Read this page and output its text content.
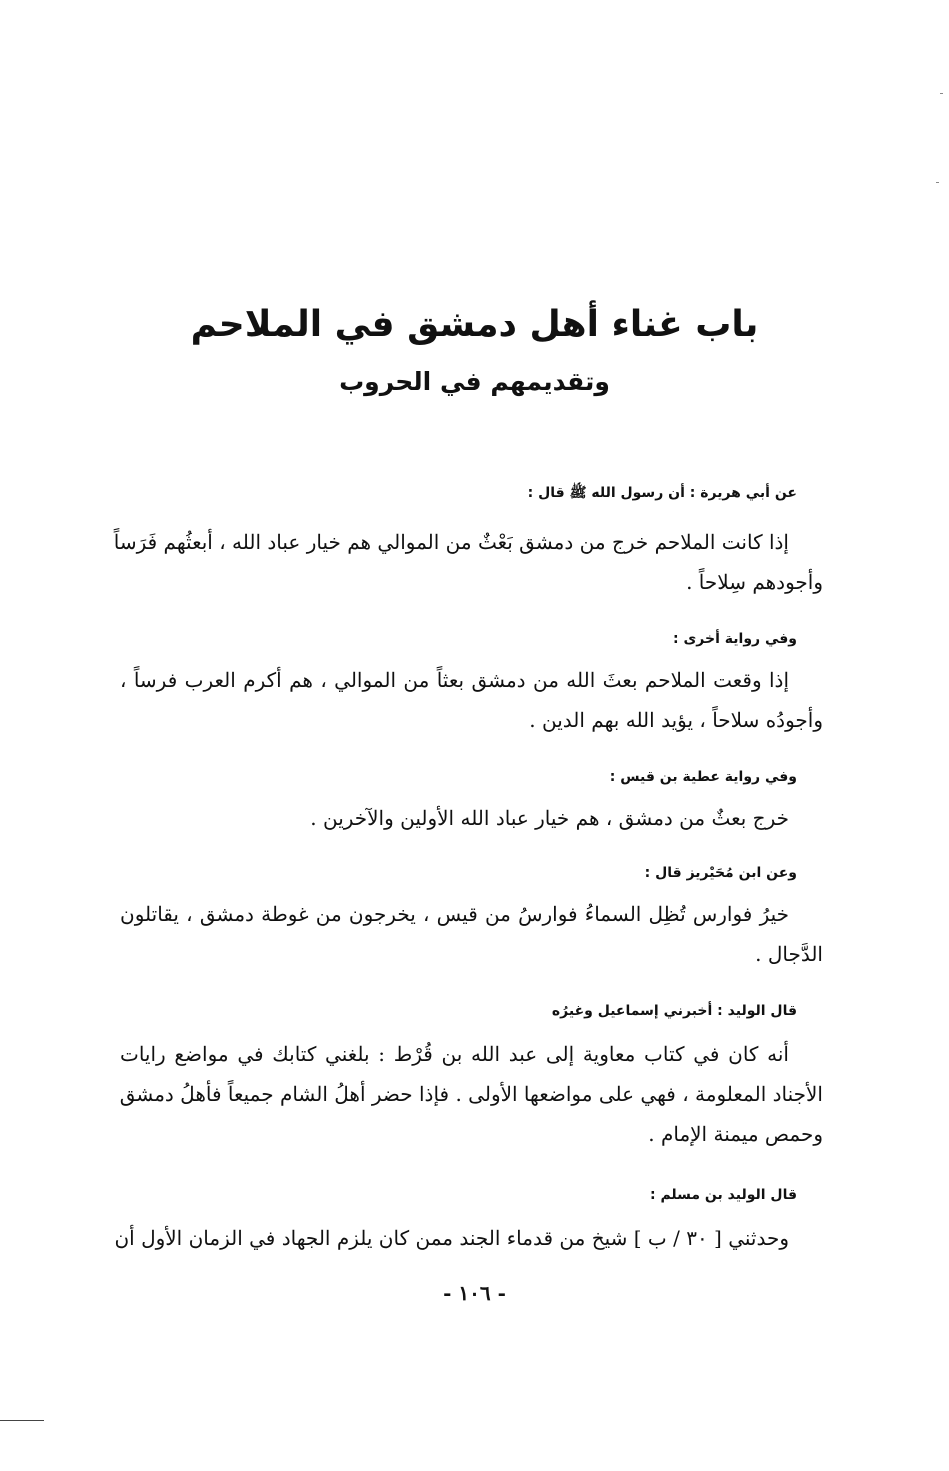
باب غناء أهل دمشق في الملاحم
وتقديمهم في الحروب
عن أبي هريرة : أن رسول الله ﷺ قال :
إذا كانت الملاحم خرج من دمشق بَعْثٌ من الموالي هم خيار عباد الله ، أبعثُهم فَرَساً
وأجودهم سِلاحاً .
وفي رواية أخرى :
إذا وقعت الملاحم بعثَ الله من دمشق بعثاً من الموالي ، هم أكرم العرب فرساً ،
وأجودُه سلاحاً ، يؤيد الله بهم الدين .
وفي رواية عطية بن قيس :
خرج بعثٌ من دمشق ، هم خيار عباد الله الأولين والآخرين .
وعن ابن مُحَيْريز قال :
خيرُ فوارس تُظِل السماءُ فوارسُ من قيس ، يخرجون من غوطة دمشق ، يقاتلون
الدَّجال .
قال الوليد : أخبرني إسماعيل وغيرُه
أنه كان في كتاب معاوية إلى عبد الله بن قُرْط : بلغني كتابك في مواضع رايات
الأجناد المعلومة ، فهي على مواضعها الأولى . فإذا حضر أهلُ الشام جميعاً فأهلُ دمشق
وحمص ميمنة الإمام .
قال الوليد بن مسلم :
وحدثني [ ٣٠ / ب ] شيخ من قدماء الجند ممن كان يلزم الجهاد في الزمان الأول أن
- ١٠٦ -
